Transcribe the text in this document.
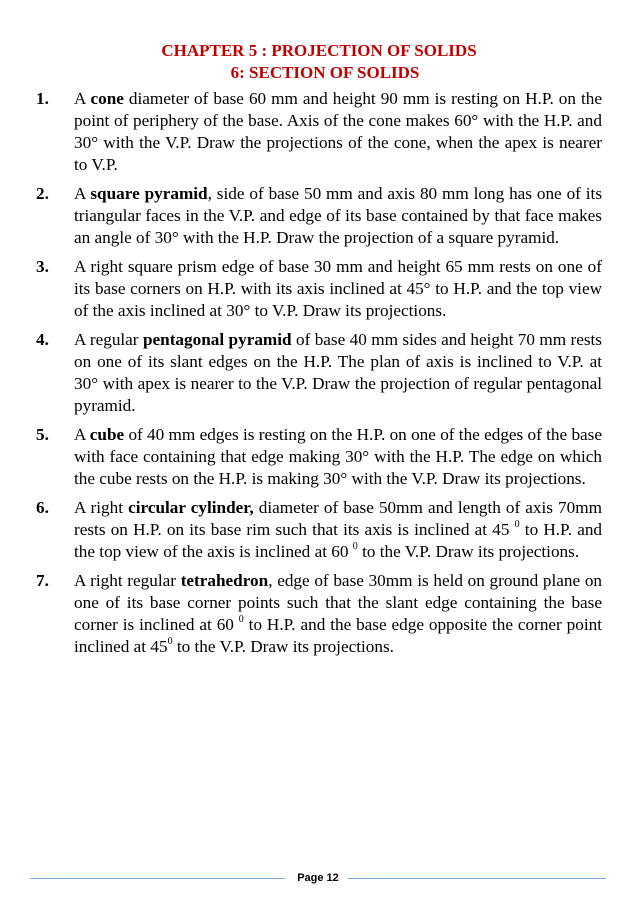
CHAPTER 5 : PROJECTION OF SOLIDS
6: SECTION OF SOLIDS
1. A cone diameter of base 60 mm and height 90 mm is resting on H.P. on the point of periphery of the base. Axis of the cone makes 60° with the H.P. and 30° with the V.P. Draw the projections of the cone, when the apex is nearer to V.P.
2. A square pyramid, side of base 50 mm and axis 80 mm long has one of its triangular faces in the V.P. and edge of its base contained by that face makes an angle of 30° with the H.P. Draw the projection of a square pyramid.
3. A right square prism edge of base 30 mm and height 65 mm rests on one of its base corners on H.P. with its axis inclined at 45° to H.P. and the top view of the axis inclined at 30° to V.P. Draw its projections.
4. A regular pentagonal pyramid of base 40 mm sides and height 70 mm rests on one of its slant edges on the H.P. The plan of axis is inclined to V.P. at 30° with apex is nearer to the V.P. Draw the projection of regular pentagonal pyramid.
5. A cube of 40 mm edges is resting on the H.P. on one of the edges of the base with face containing that edge making 30° with the H.P. The edge on which the cube rests on the H.P. is making 30° with the V.P. Draw its projections.
6. A right circular cylinder, diameter of base 50mm and length of axis 70mm rests on H.P. on its base rim such that its axis is inclined at 45 $^0$ to H.P. and the top view of the axis is inclined at 60 $^0$ to the V.P. Draw its projections.
7. A right regular tetrahedron, edge of base 30mm is held on ground plane on one of its base corner points such that the slant edge containing the base corner is inclined at 60 $^0$ to H.P. and the base edge opposite the corner point inclined at $45^0$ to the V.P. Draw its projections.
Page 12
